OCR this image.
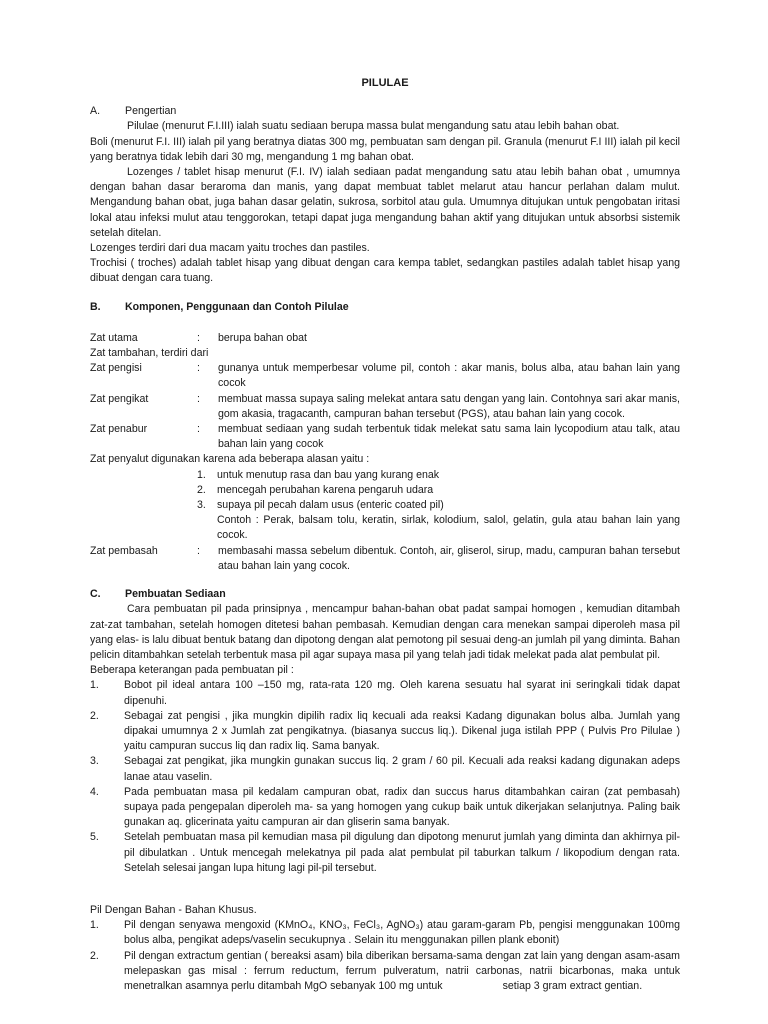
PILULAE
A.	Pengertian

Pilulae (menurut F.I.III) ialah suatu sediaan berupa massa bulat mengandung satu atau lebih bahan obat.

Boli (menurut F.I. III) ialah pil yang beratnya diatas 300 mg, pembuatan sam dengan pil. Granula (menurut F.I III) ialah pil kecil yang beratnya tidak lebih dari 30 mg, mengandung 1 mg bahan obat.

Lozenges / tablet hisap menurut (F.I. IV) ialah sediaan padat mengandung satu atau lebih bahan obat , umumnya dengan bahan dasar beraroma dan manis, yang dapat membuat tablet melarut atau hancur perlahan dalam mulut. Mengandung bahan obat, juga bahan dasar gelatin, sukrosa, sorbitol atau gula. Umumnya ditujukan untuk pengobatan iritasi lokal atau infeksi mulut atau tenggorokan, tetapi dapat juga mengandung bahan aktif yang ditujukan untuk absorbsi sistemik setelah ditelan.

Lozenges terdiri dari dua macam yaitu troches dan pastiles.

Trochisi ( troches) adalah tablet hisap yang dibuat dengan cara kempa tablet, sedangkan pastiles adalah tablet hisap yang dibuat dengan cara tuang.

B.	Komponen, Penggunaan dan Contoh Pilulae
Zat utama	:	berupa bahan obat

Zat tambahan, terdiri dari

Zat pengisi	:	gunanya untuk memperbesar volume pil, contoh : akar manis, bolus alba, atau bahan lain yang cocok
Zat pengikat	:	membuat massa supaya saling melekat antara satu dengan yang lain. Contohnya sari akar manis, gom akasia, tragacanth, campuran bahan tersebut (PGS), atau bahan lain yang cocok.
Zat penabur	:	membuat sediaan yang sudah terbentuk tidak melekat satu sama lain lycopodium atau talk, atau bahan lain yang cocok

Zat penyalut digunakan karena ada beberapa alasan yaitu :

1.	untuk menutup rasa dan bau yang kurang enak
2.	mencegah perubahan karena pengaruh udara
3.	supaya pil pecah dalam usus (enteric coated pil)

Contoh : Perak, balsam tolu, keratin, sirlak, kolodium, salol, gelatin, gula atau bahan lain yang cocok.

Zat pembasah	:	membasahi massa sebelum dibentuk. Contoh, air, gliserol, sirup, madu, campuran bahan tersebut atau bahan lain yang cocok.
C.	Pembuatan Sediaan

Cara pembuatan pil pada prinsipnya , mencampur bahan-bahan obat padat sampai homogen , kemudian ditambah zat-zat tambahan, setelah homogen ditetesi bahan pembasah. Kemudian dengan cara menekan sampai diperoleh masa pil yang elas- is lalu dibuat bentuk batang dan dipotong dengan alat pemotong pil sesuai deng-an jumlah pil yang diminta. Bahan pelicin ditambahkan setelah terbentuk masa pil agar supaya masa pil yang telah jadi tidak melekat pada alat pembulat pil.

Beberapa keterangan pada pembuatan pil :

1.	Bobot pil ideal antara 100 –150 mg, rata-rata 120 mg. Oleh karena sesuatu hal syarat ini seringkali tidak dapat dipenuhi.
2.	Sebagai zat pengisi , jika mungkin dipilih radix liq kecuali ada reaksi Kadang digunakan bolus alba. Jumlah yang dipakai umumnya 2 x Jumlah zat pengikatnya. (biasanya succus liq.). Dikenal juga istilah PPP ( Pulvis Pro Pilulae ) yaitu campuran succus liq dan radix liq. Sama banyak.
3.	Sebagai zat pengikat, jika mungkin gunakan succus liq. 2 gram / 60 pil. Kecuali ada reaksi kadang digunakan adeps lanae atau vaselin.
4.	Pada pembuatan masa pil kedalam campuran obat, radix dan succus harus ditambahkan cairan (zat pembasah) supaya pada pengepalan diperoleh ma- sa yang homogen yang cukup baik untuk dikerjakan selanjutnya. Paling baik gunakan aq. glicerinata yaitu campuran air dan gliserin sama banyak.
5.	Setelah pembuatan masa pil kemudian masa pil digulung dan dipotong menurut jumlah yang diminta dan akhirnya pil-pil dibulatkan . Untuk mencegah melekatnya pil pada alat pembulat pil taburkan talkum / likopodium dengan rata. Setelah selesai jangan lupa hitung lagi pil-pil tersebut.

Pil Dengan Bahan - Bahan Khusus.

1.	Pil dengan senyawa mengoxid (KMnO₄, KNO₃, FeCl₃, AgNO₃) atau garam-garam Pb, pengisi menggunakan 100mg bolus alba, pengikat adeps/vaselin secukupnya . Selain itu menggunakan pillen plank ebonit)
2.	Pil dengan extractum gentian ( bereaksi asam) bila diberikan bersama-sama dengan zat lain yang dengan asam-asam melepaskan gas misal : ferrum reductum, ferrum pulveratum, natrii carbonas, natrii bicarbonas, maka untuk menetralkan asamnya perlu ditambah MgO sebanyak 100 mg untuk	setiap 3 gram extract gentian.
